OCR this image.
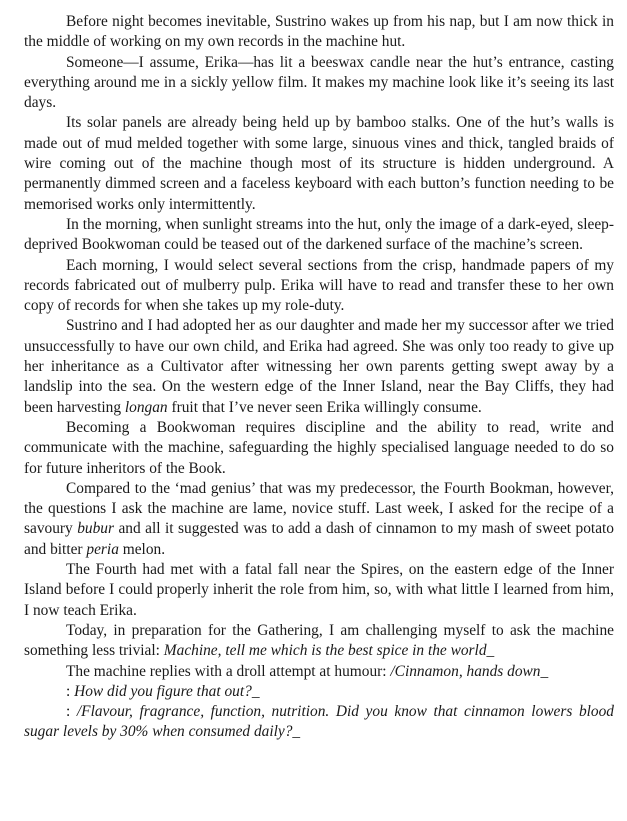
Before night becomes inevitable, Sustrino wakes up from his nap, but I am now thick in the middle of working on my own records in the machine hut.

Someone—I assume, Erika—has lit a beeswax candle near the hut’s entrance, casting everything around me in a sickly yellow film. It makes my machine look like it’s seeing its last days.

Its solar panels are already being held up by bamboo stalks. One of the hut’s walls is made out of mud melded together with some large, sinuous vines and thick, tangled braids of wire coming out of the machine though most of its structure is hidden underground. A permanently dimmed screen and a faceless keyboard with each button’s function needing to be memorised works only intermittently.

In the morning, when sunlight streams into the hut, only the image of a dark-eyed, sleep-deprived Bookwoman could be teased out of the darkened surface of the machine’s screen.

Each morning, I would select several sections from the crisp, handmade papers of my records fabricated out of mulberry pulp. Erika will have to read and transfer these to her own copy of records for when she takes up my role-duty.

Sustrino and I had adopted her as our daughter and made her my successor after we tried unsuccessfully to have our own child, and Erika had agreed. She was only too ready to give up her inheritance as a Cultivator after witnessing her own parents getting swept away by a landslip into the sea. On the western edge of the Inner Island, near the Bay Cliffs, they had been harvesting longan fruit that I’ve never seen Erika willingly consume.

Becoming a Bookwoman requires discipline and the ability to read, write and communicate with the machine, safeguarding the highly specialised language needed to do so for future inheritors of the Book.

Compared to the ‘mad genius’ that was my predecessor, the Fourth Bookman, however, the questions I ask the machine are lame, novice stuff. Last week, I asked for the recipe of a savoury bubur and all it suggested was to add a dash of cinnamon to my mash of sweet potato and bitter peria melon.

The Fourth had met with a fatal fall near the Spires, on the eastern edge of the Inner Island before I could properly inherit the role from him, so, with what little I learned from him, I now teach Erika.

Today, in preparation for the Gathering, I am challenging myself to ask the machine something less trivial: Machine, tell me which is the best spice in the world_

The machine replies with a droll attempt at humour: /Cinnamon, hands down_

: How did you figure that out?_

: /Flavour, fragrance, function, nutrition. Did you know that cinnamon lowers blood sugar levels by 30% when consumed daily?_
